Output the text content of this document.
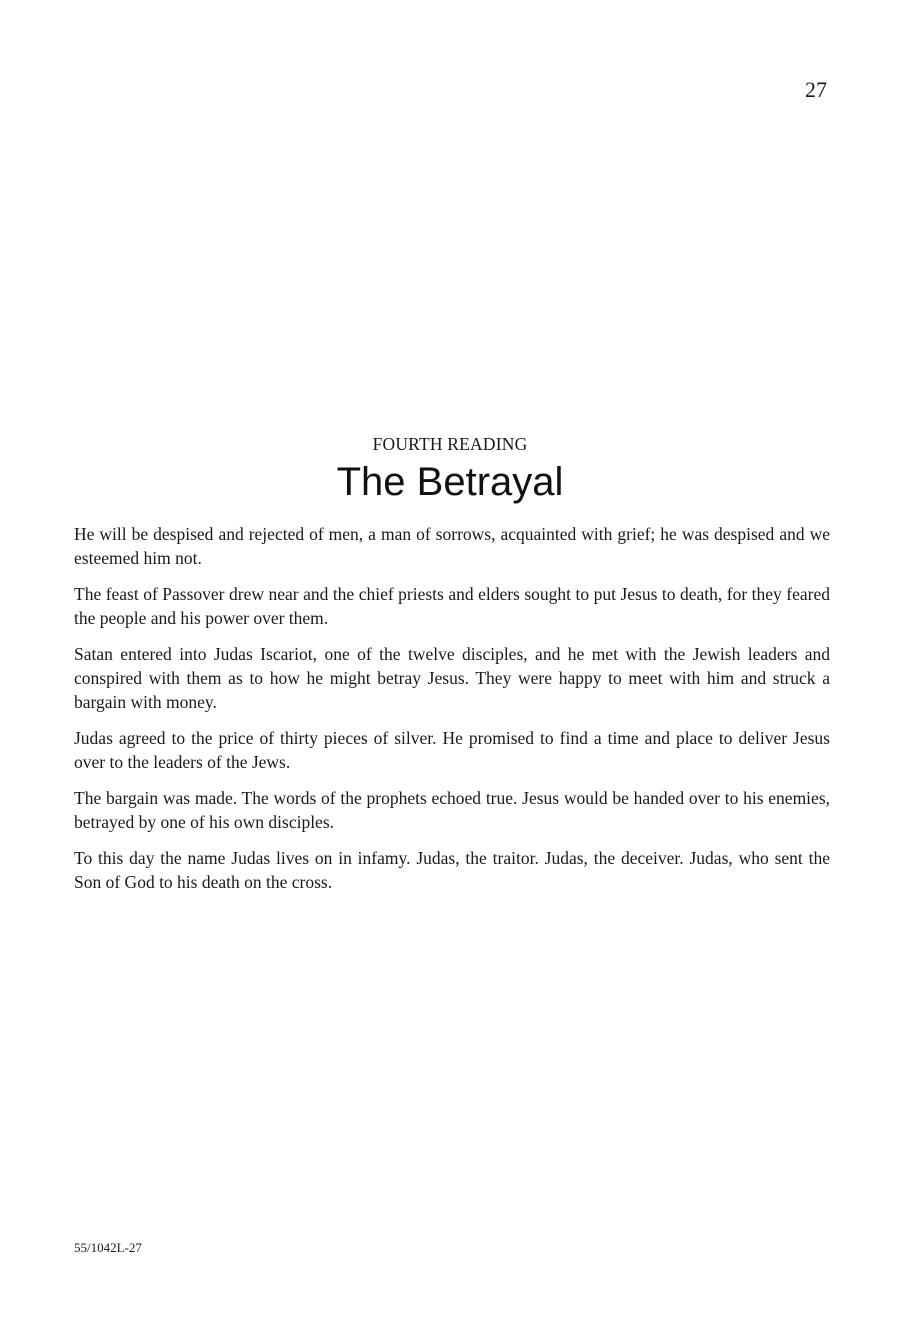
27

FOURTH READING

The Betrayal

He will be despised and rejected of men, a man of sorrows, acquainted with grief; he was despised and we esteemed him not.

The feast of Passover drew near and the chief priests and elders sought to put Jesus to death, for they feared the people and his power over them.

Satan entered into Judas Iscariot, one of the twelve disciples, and he met with the Jewish leaders and conspired with them as to how he might betray Jesus. They were happy to meet with him and struck a bargain with money.

Judas agreed to the price of thirty pieces of silver. He promised to find a time and place to deliver Jesus over to the leaders of the Jews.

The bargain was made. The words of the prophets echoed true. Jesus would be handed over to his enemies, betrayed by one of his own disciples.

To this day the name Judas lives on in infamy. Judas, the traitor. Judas, the deceiver. Judas, who sent the Son of God to his death on the cross.

55/1042L-27
